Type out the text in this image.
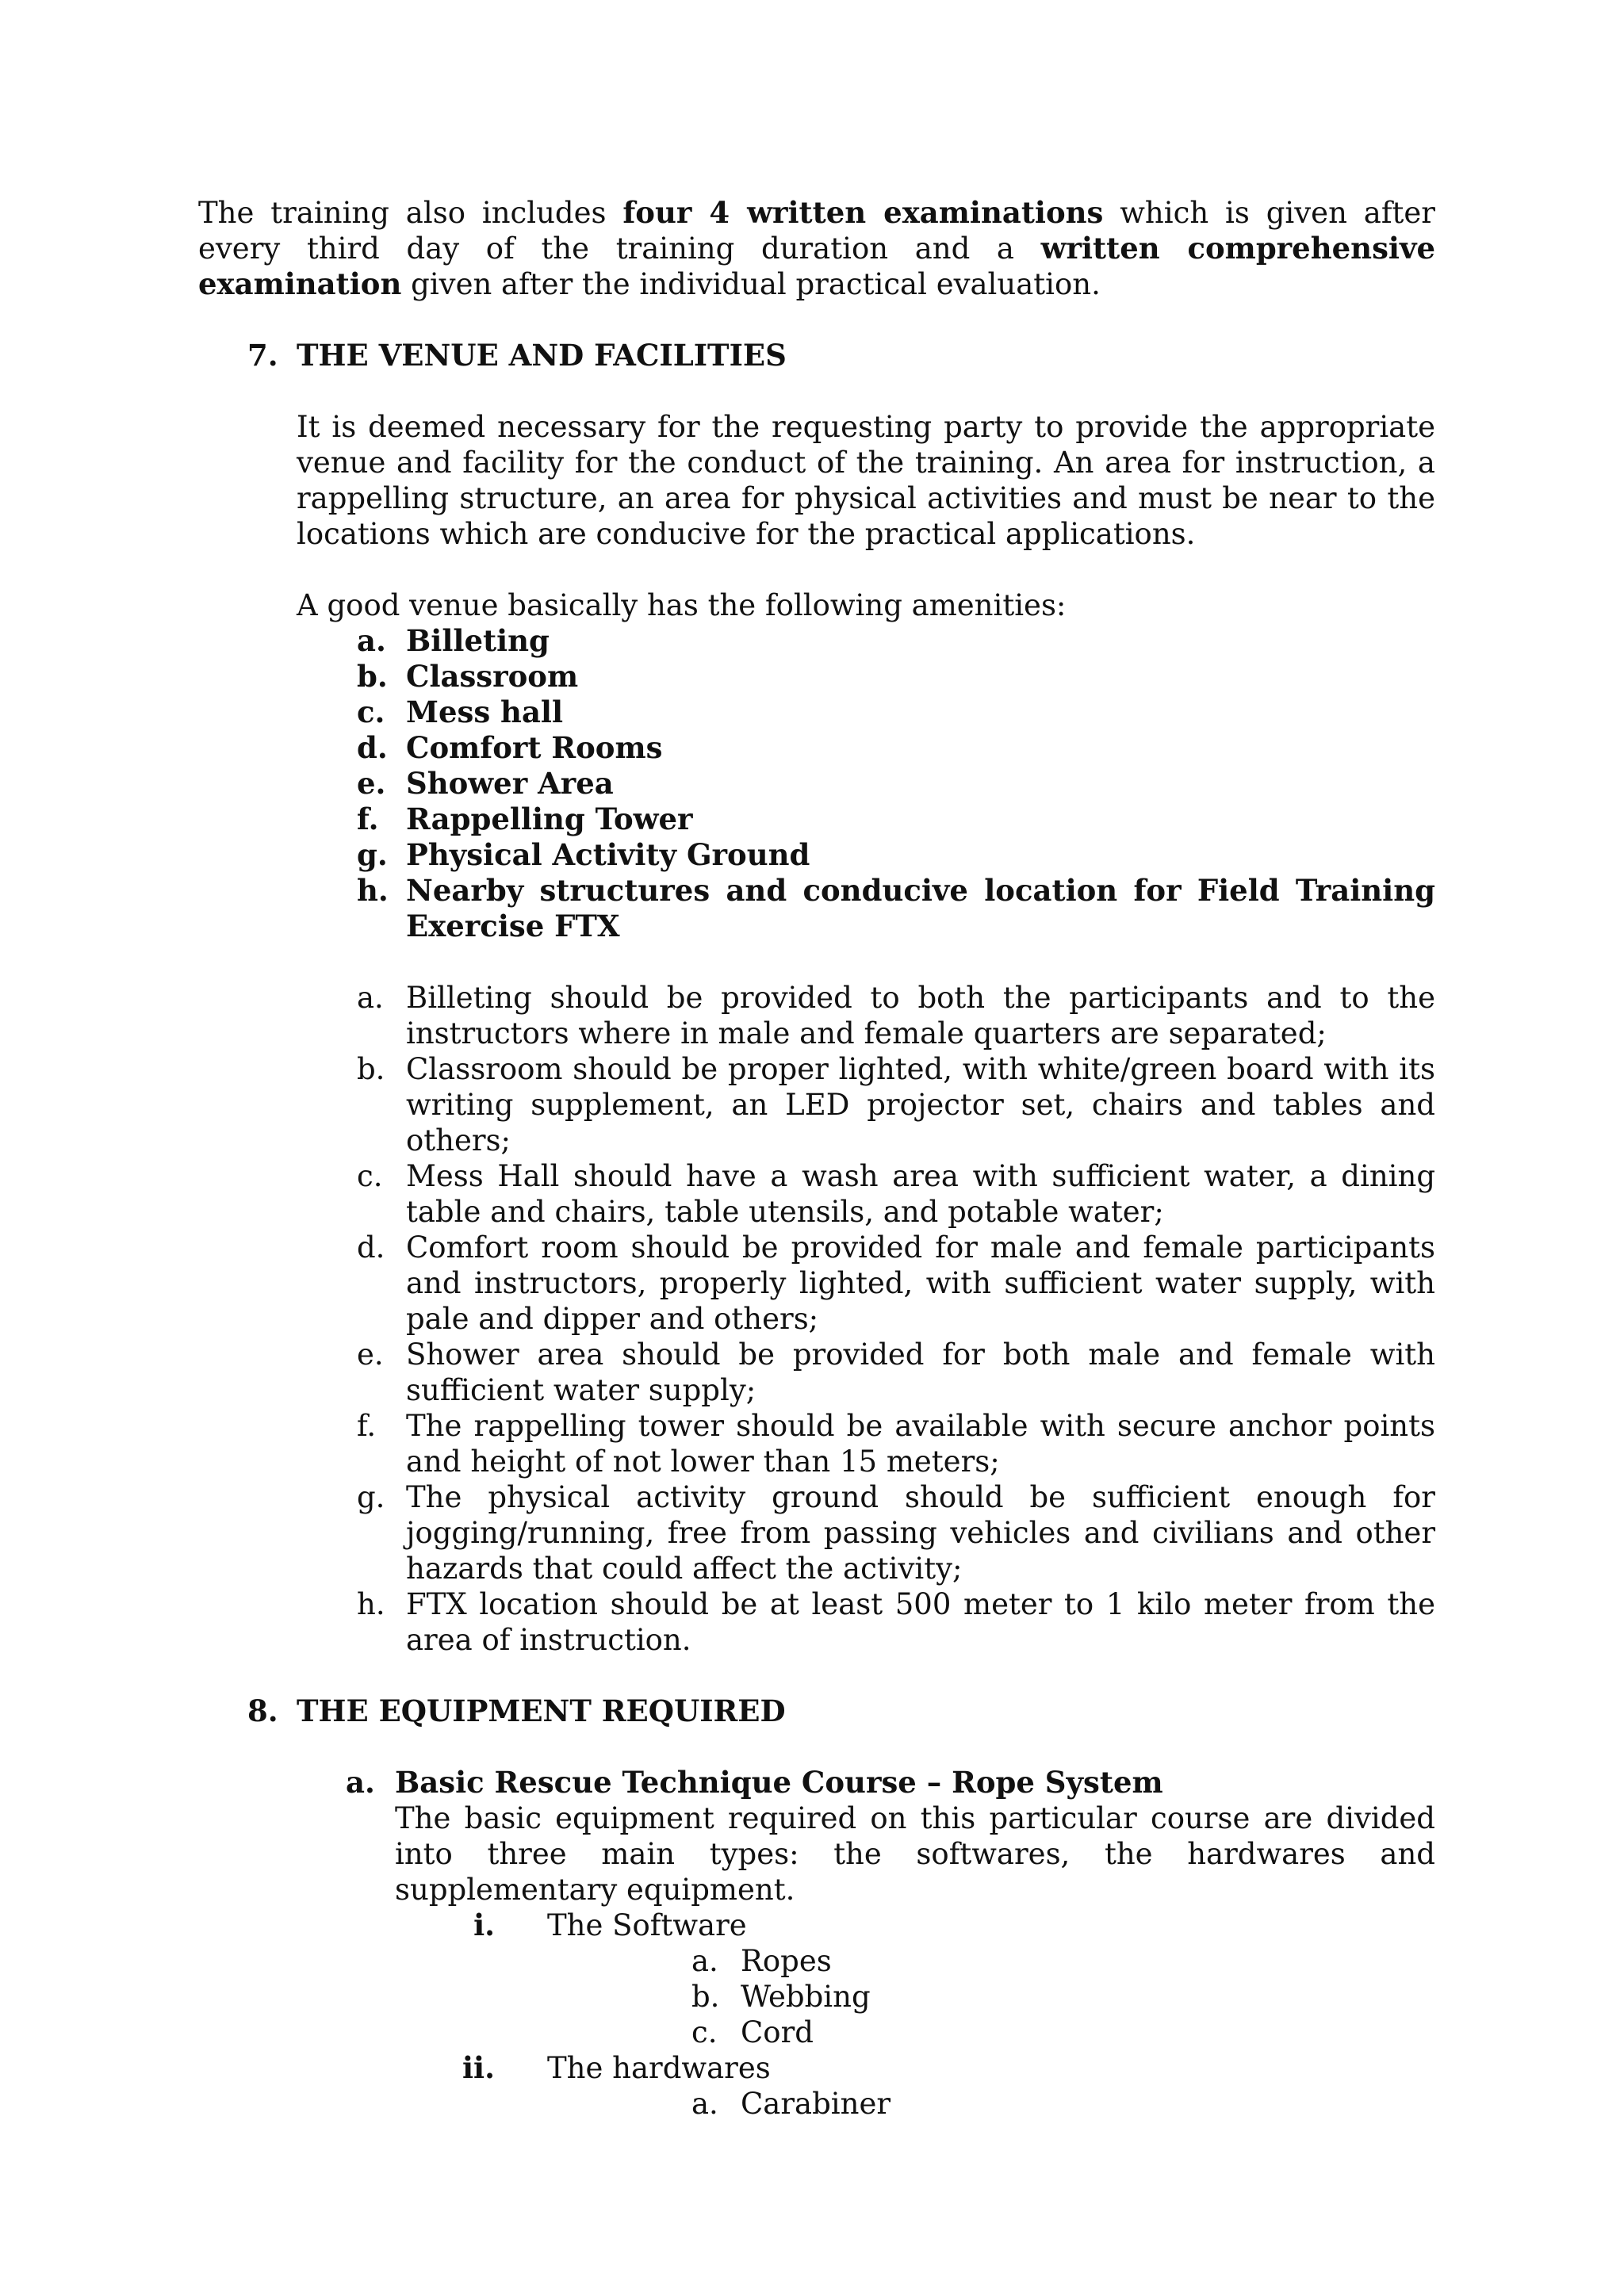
The training also includes four 4 written examinations which is given after every third day of the training duration and a written comprehensive examination given after the individual practical evaluation.

7. THE VENUE AND FACILITIES

It is deemed necessary for the requesting party to provide the appropriate venue and facility for the conduct of the training. An area for instruction, a rappelling structure, an area for physical activities and must be near to the locations which are conducive for the practical applications.

A good venue basically has the following amenities:

a. Billeting
b. Classroom
c. Mess hall
d. Comfort Rooms
e. Shower Area
f. Rappelling Tower
g. Physical Activity Ground
h. Nearby structures and conducive location for Field Training Exercise FTX
a. Billeting should be provided to both the participants and to the instructors where in male and female quarters are separated;
b. Classroom should be proper lighted, with white/green board with its writing supplement, an LED projector set, chairs and tables and others;
c. Mess Hall should have a wash area with sufficient water, a dining table and chairs, table utensils, and potable water;
d. Comfort room should be provided for male and female participants and instructors, properly lighted, with sufficient water supply, with pale and dipper and others;
e. Shower area should be provided for both male and female with sufficient water supply;
f.	The rappelling tower should be available with secure anchor points and height of not lower than 15 meters;
g. The physical activity ground should be sufficient enough for jogging/running, free from passing vehicles and civilians and other hazards that could affect the activity;
h. FTX location should be at least 500 meter to 1 kilo meter from the area of instruction.
8. THE EQUIPMENT REQUIRED
a. Basic Rescue Technique Course – Rope System

The basic equipment required on this particular course are divided into three main types: the softwares, the hardwares and supplementary equipment.

i.	The Software
a. Ropes
b. Webbing
c. Cord
ii.	The hardwares
a. Carabiner
